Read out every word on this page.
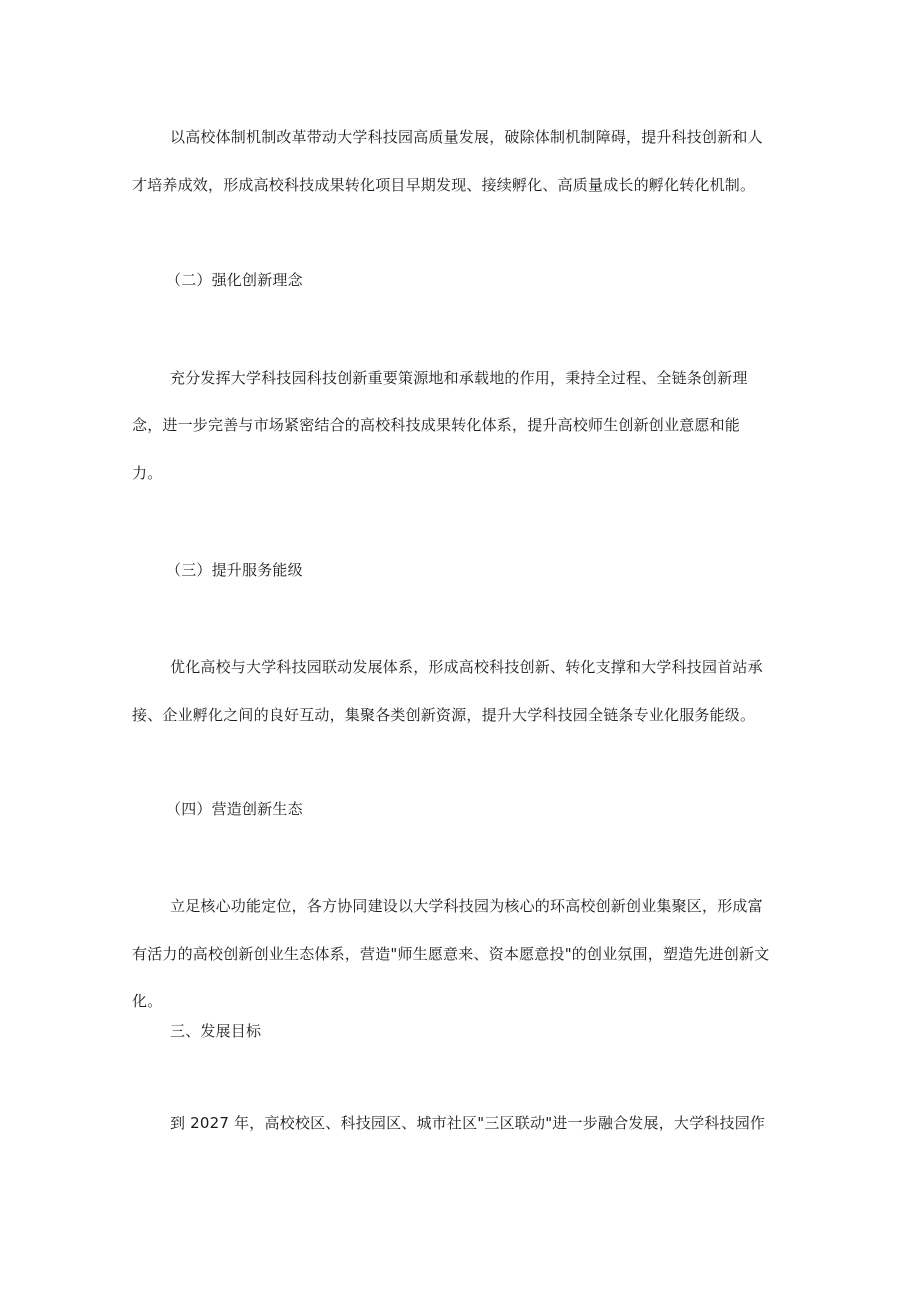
以高校体制机制改革带动大学科技园高质量发展，破除体制机制障碍，提升科技创新和人
才培养成效，形成高校科技成果转化项目早期发现、接续孵化、高质量成长的孵化转化机制。
（二）强化创新理念
充分发挥大学科技园科技创新重要策源地和承载地的作用，秉持全过程、全链条创新理
念，进一步完善与市场紧密结合的高校科技成果转化体系，提升高校师生创新创业意愿和能
力。
（三）提升服务能级
优化高校与大学科技园联动发展体系，形成高校科技创新、转化支撑和大学科技园首站承
接、企业孵化之间的良好互动，集聚各类创新资源，提升大学科技园全链条专业化服务能级。
（四）营造创新生态
立足核心功能定位，各方协同建设以大学科技园为核心的环高校创新创业集聚区，形成富
有活力的高校创新创业生态体系，营造"师生愿意来、资本愿意投"的创业氛围，塑造先进创新文
化。
三、发展目标
到 2027 年，高校校区、科技园区、城市社区"三区联动"进一步融合发展，大学科技园作
